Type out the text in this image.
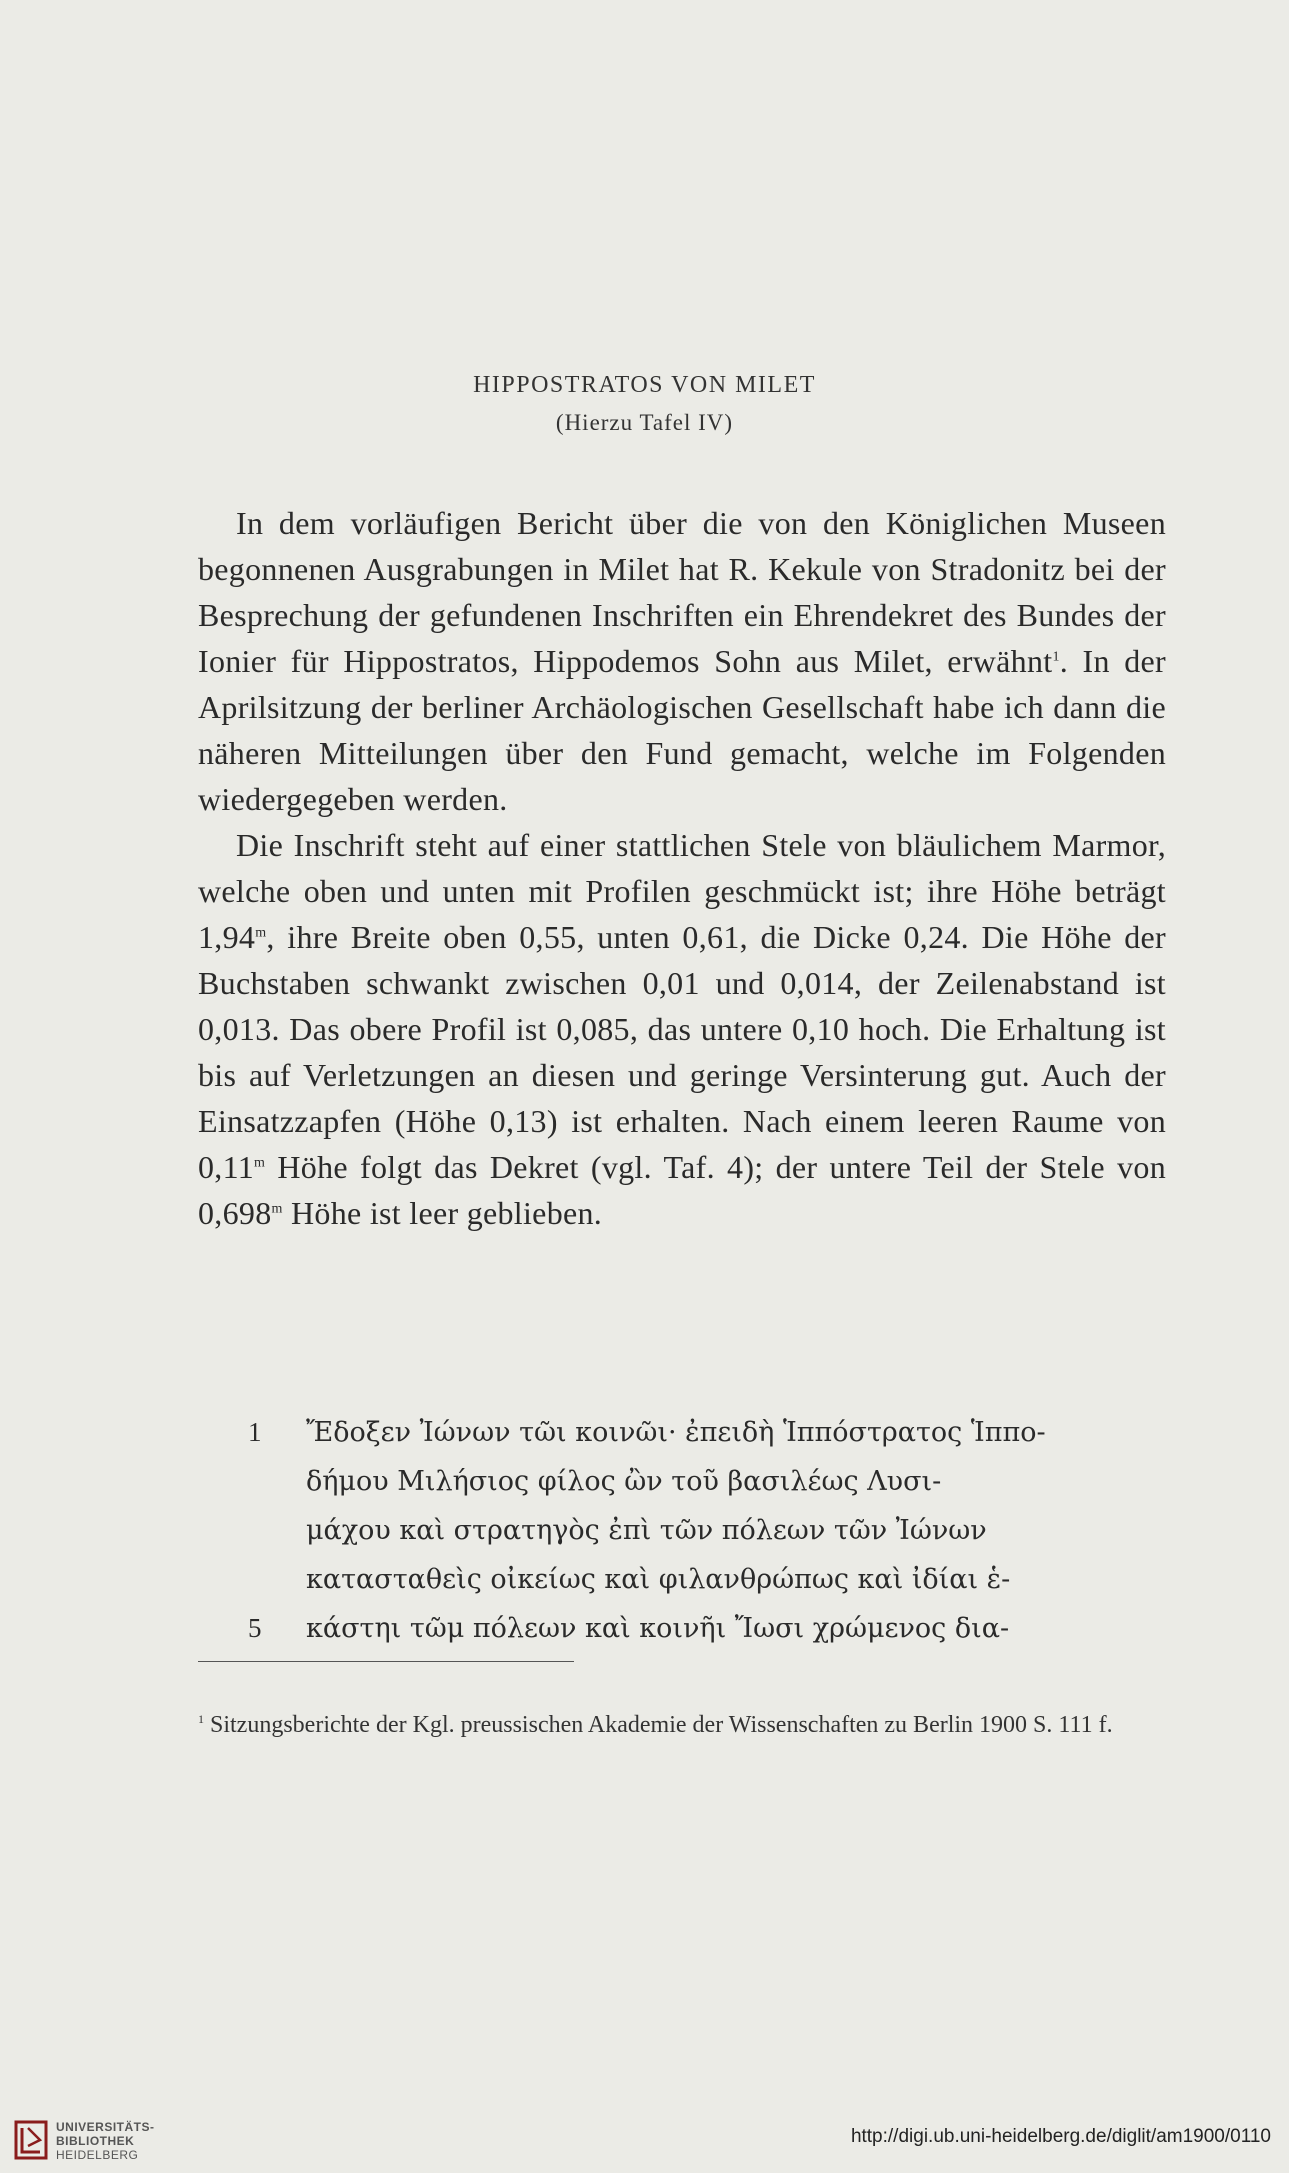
HIPPOSTRATOS VON MILET
(Hierzu Tafel IV)

In dem vorläufigen Bericht über die von den Königlichen Museen begonnenen Ausgrabungen in Milet hat R. Kekule von Stradonitz bei der Besprechung der gefundenen Inschriften ein Ehrendekret des Bundes der Ionier für Hippostratos, Hippodemos Sohn aus Milet, erwähnt$^1$. In der Aprilsitzung der berliner Archäologischen Gesellschaft habe ich dann die näheren Mitteilungen über den Fund gemacht, welche im Folgenden wiedergegeben werden.

Die Inschrift steht auf einer stattlichen Stele von bläulichem Marmor, welche oben und unten mit Profilen geschmückt ist; ihre Höhe beträgt 1,94$^m$, ihre Breite oben 0,55, unten 0,61, die Dicke 0,24. Die Höhe der Buchstaben schwankt zwischen 0,01 und 0,014, der Zeilenabstand ist 0,013. Das obere Profil ist 0,085, das untere 0,10 hoch. Die Erhaltung ist bis auf Verletzungen an diesen und geringe Versinterung gut. Auch der Einsatzzapfen (Höhe 0,13) ist erhalten. Nach einem leeren Raume von 0,11$^m$ Höhe folgt das Dekret (vgl. Taf. 4); der untere Teil der Stele von 0,698$^m$ Höhe ist leer geblieben.

1 Ἔδοξεν Ἰώνων τῶι κοινῶι· ἐπειδὴ Ἱππόστρατος Ἱππο-
δήμου Μιλήσιος φίλος ὢν τοῦ βασιλέως Λυσι-
μάχου καὶ στρατηγὸς ἐπὶ τῶν πόλεων τῶν Ἰώνων
κατασταθεὶς οἰκείως καὶ φιλανθρώπως καὶ ἰδίαι ἑ-
5 κάστηι τῶμ πόλεων καὶ κοινῆι Ἴωσι χρώμενος δια-
$^1$ Sitzungsberichte der Kgl. preussischen Akademie der Wissenschaften zu Berlin 1900 S. 111 f.
UNIVERSITÄTS-
BIBLIOTHEK
HEIDELBERG
http://digi.ub.uni-heidelberg.de/diglit/am1900/0110
